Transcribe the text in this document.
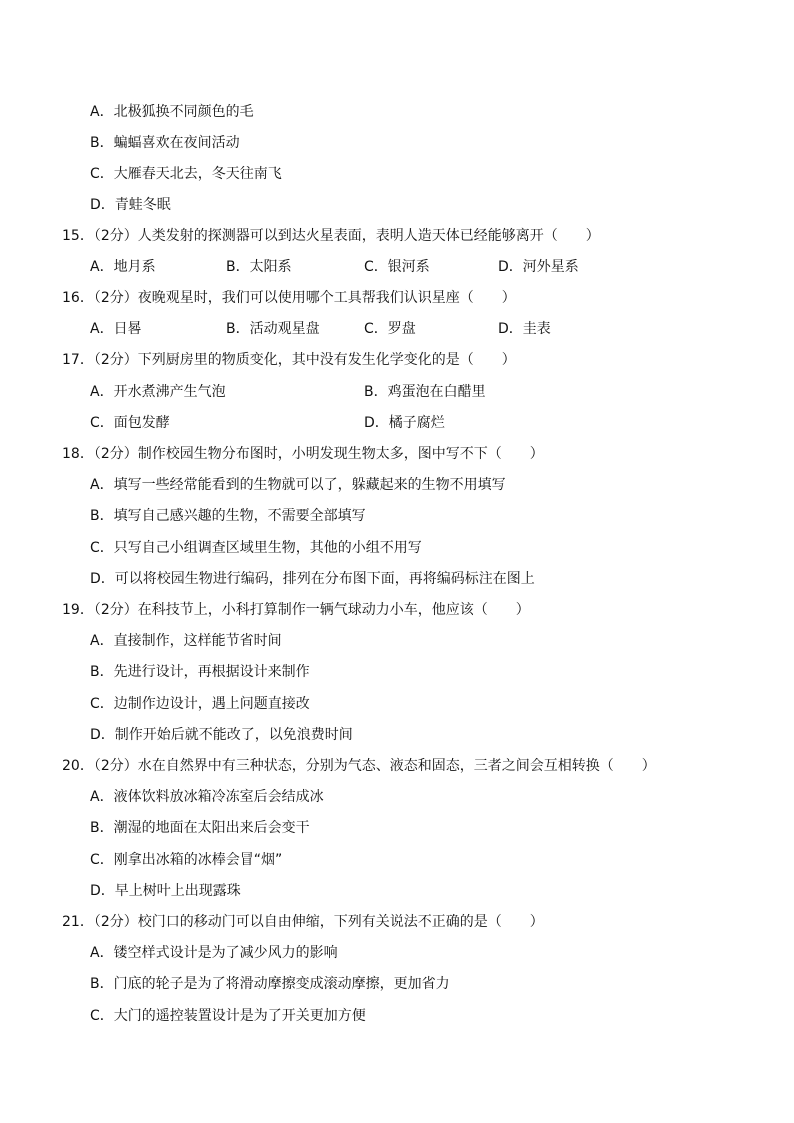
A．北极狐换不同颜色的毛
B．蝙蝠喜欢在夜间活动
C．大雁春天北去，冬天往南飞
D．青蛙冬眠
15．（2分）人类发射的探测器可以到达火星表面，表明人造天体已经能够离开（　　）
A．地月系	B．太阳系	C．银河系	D．河外星系
16．（2分）夜晚观星时，我们可以使用哪个工具帮我们认识星座（　　）
A．日晷	B．活动观星盘	C．罗盘	D．圭表
17．（2分）下列厨房里的物质变化，其中没有发生化学变化的是（　　）
A．开水煮沸产生气泡	B．鸡蛋泡在白醋里
C．面包发酵	D．橘子腐烂
18．（2分）制作校园生物分布图时，小明发现生物太多，图中写不下（　　）
A．填写一些经常能看到的生物就可以了，躲藏起来的生物不用填写
B．填写自己感兴趣的生物，不需要全部填写
C．只写自己小组调查区域里生物，其他的小组不用写
D．可以将校园生物进行编码，排列在分布图下面，再将编码标注在图上
19．（2分）在科技节上，小科打算制作一辆气球动力小车，他应该（　　）
A．直接制作，这样能节省时间
B．先进行设计，再根据设计来制作
C．边制作边设计，遇上问题直接改
D．制作开始后就不能改了，以免浪费时间
20．（2分）水在自然界中有三种状态，分别为气态、液态和固态，三者之间会互相转换（　　）
A．液体饮料放冰箱冷冻室后会结成冰
B．潮湿的地面在太阳出来后会变干
C．刚拿出冰箱的冰棒会冒“烟”
D．早上树叶上出现露珠
21．（2分）校门口的移动门可以自由伸缩，下列有关说法不正确的是（　　）
A．镂空样式设计是为了减少风力的影响
B．门底的轮子是为了将滑动摩擦变成滚动摩擦，更加省力
C．大门的遥控装置设计是为了开关更加方便
